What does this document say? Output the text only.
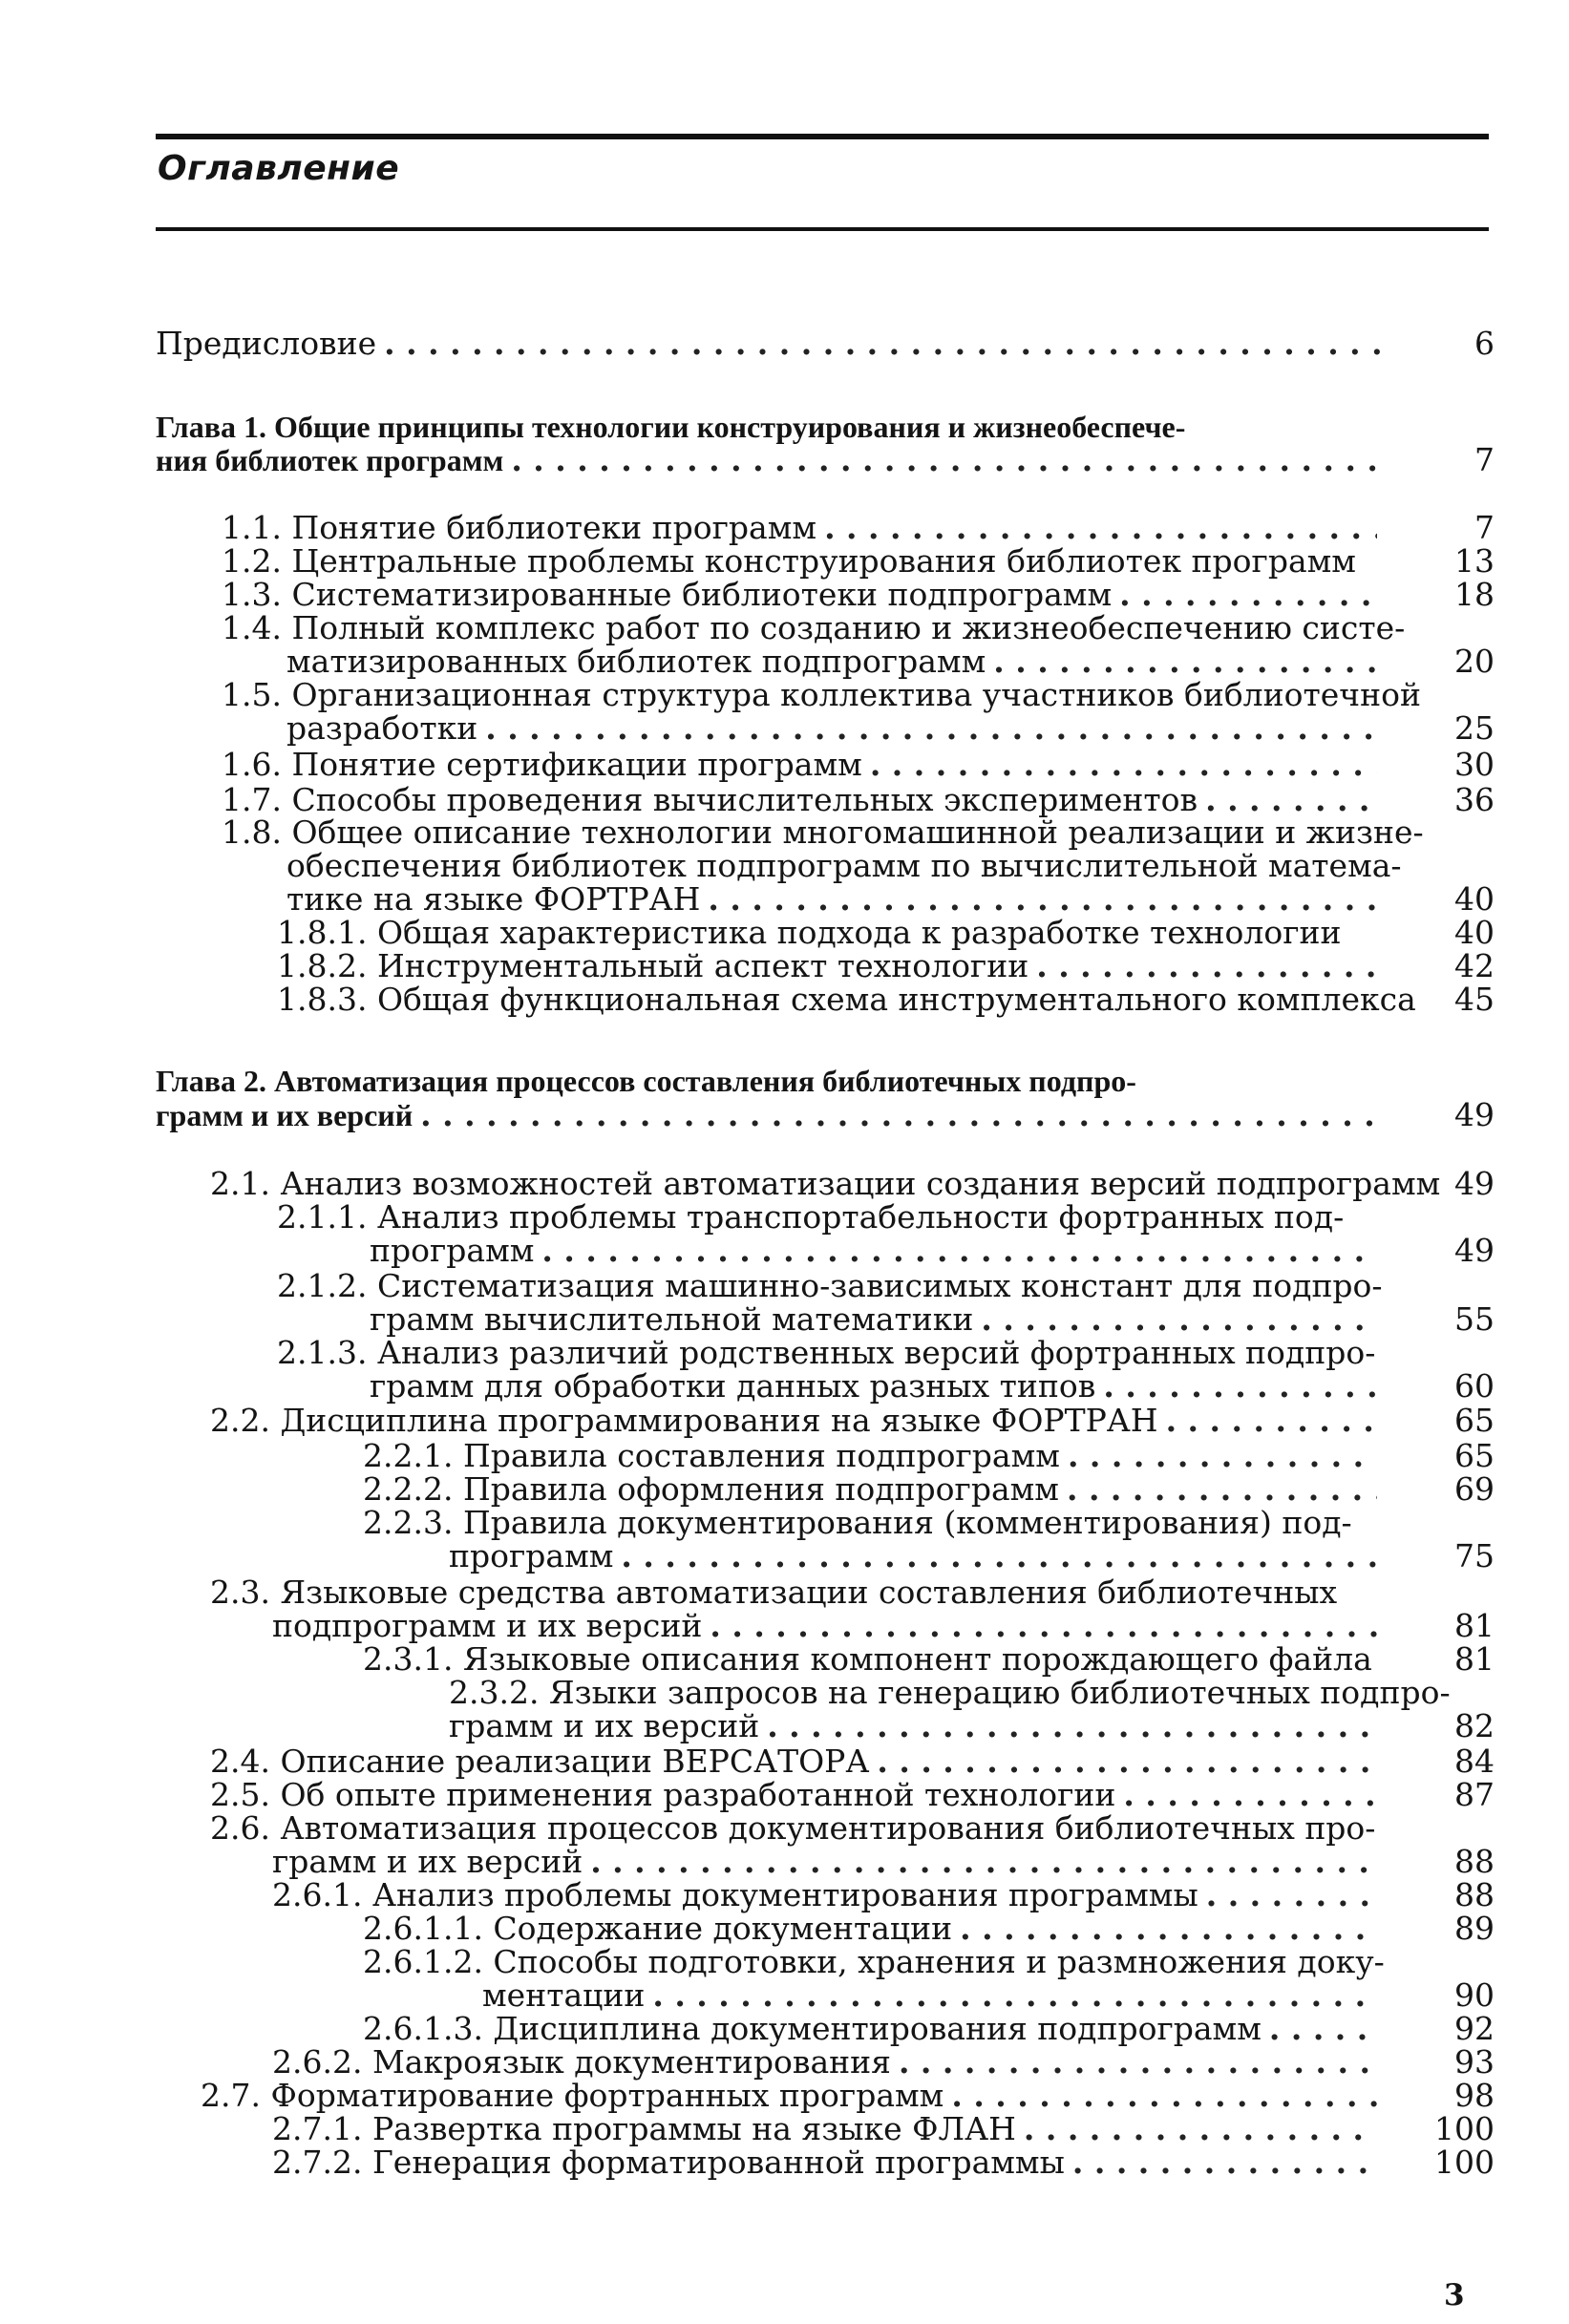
Оглавление
Предисловие . .	6
Глава 1. Общие принципы технологии конструирования и жизнеобеспече-
ния библиотек программ . .	7
1.1. Понятие библиотеки программ . .	7
1.2. Центральные проблемы конструирования библиотек программ	13
1.3. Систематизированные библиотеки подпрограмм . .	18
1.4. Полный комплекс работ по созданию и жизнеобеспечению систе-
матизированных библиотек подпрограмм . .	20
1.5. Организационная структура коллектива участников библиотечной
разработки . .	25
1.6. Понятие сертификации программ . .	30
1.7. Способы проведения вычислительных экспериментов . .	36
1.8. Общее описание технологии многомашинной реализации и жизне-
обеспечения библиотек подпрограмм по вычислительной матема-
тике на языке ФОРТРАН . .	40
1.8.1. Общая характеристика подхода к разработке технологии	40
1.8.2. Инструментальный аспект технологии . .	42
1.8.3. Общая функциональная схема инструментального комплекса	45
Глава 2. Автоматизация процессов составления библиотечных подпро-
грамм и их версий . .	49
2.1. Анализ возможностей автоматизации создания версий подпрограмм 49
2.1.1. Анализ проблемы транспортабельности фортранных под-
программ . .	49
2.1.2. Систематизация машинно-зависимых констант для подпро-
грамм вычислительной математики . .	55
2.1.3. Анализ различий родственных версий фортранных подпро-
грамм для обработки данных разных типов . .	60
2.2. Дисциплина программирования на языке ФОРТРАН . .	65
2.2.1. Правила составления подпрограмм . .	65
2.2.2. Правила оформления подпрограмм . .	69
2.2.3. Правила документирования (комментирования) под-
программ . .	75
2.3. Языковые средства автоматизации составления библиотечных
подпрограмм и их версий . .	81
2.3.1. Языковые описания компонент порождающего файла	81
2.3.2. Языки запросов на генерацию библиотечных подпро-
грамм и их версий . .	82
2.4. Описание реализации ВЕРСАТОРА . .	84
2.5. Об опыте применения разработанной технологии . .	87
2.6. Автоматизация процессов документирования библиотечных про-
грамм и их версий . .	88
2.6.1. Анализ проблемы документирования программы . .	88
2.6.1.1. Содержание документации . .	89
2.6.1.2. Способы подготовки, хранения и размножения доку-
ментации . .	90
2.6.1.3. Дисциплина документирования подпрограмм . .	92
2.6.2. Макроязык документирования . .	93
2.7. Форматирование фортранных программ . .	98
2.7.1. Развертка программы на языке ФЛАН . .	100
2.7.2. Генерация форматированной программы . .	100
3
